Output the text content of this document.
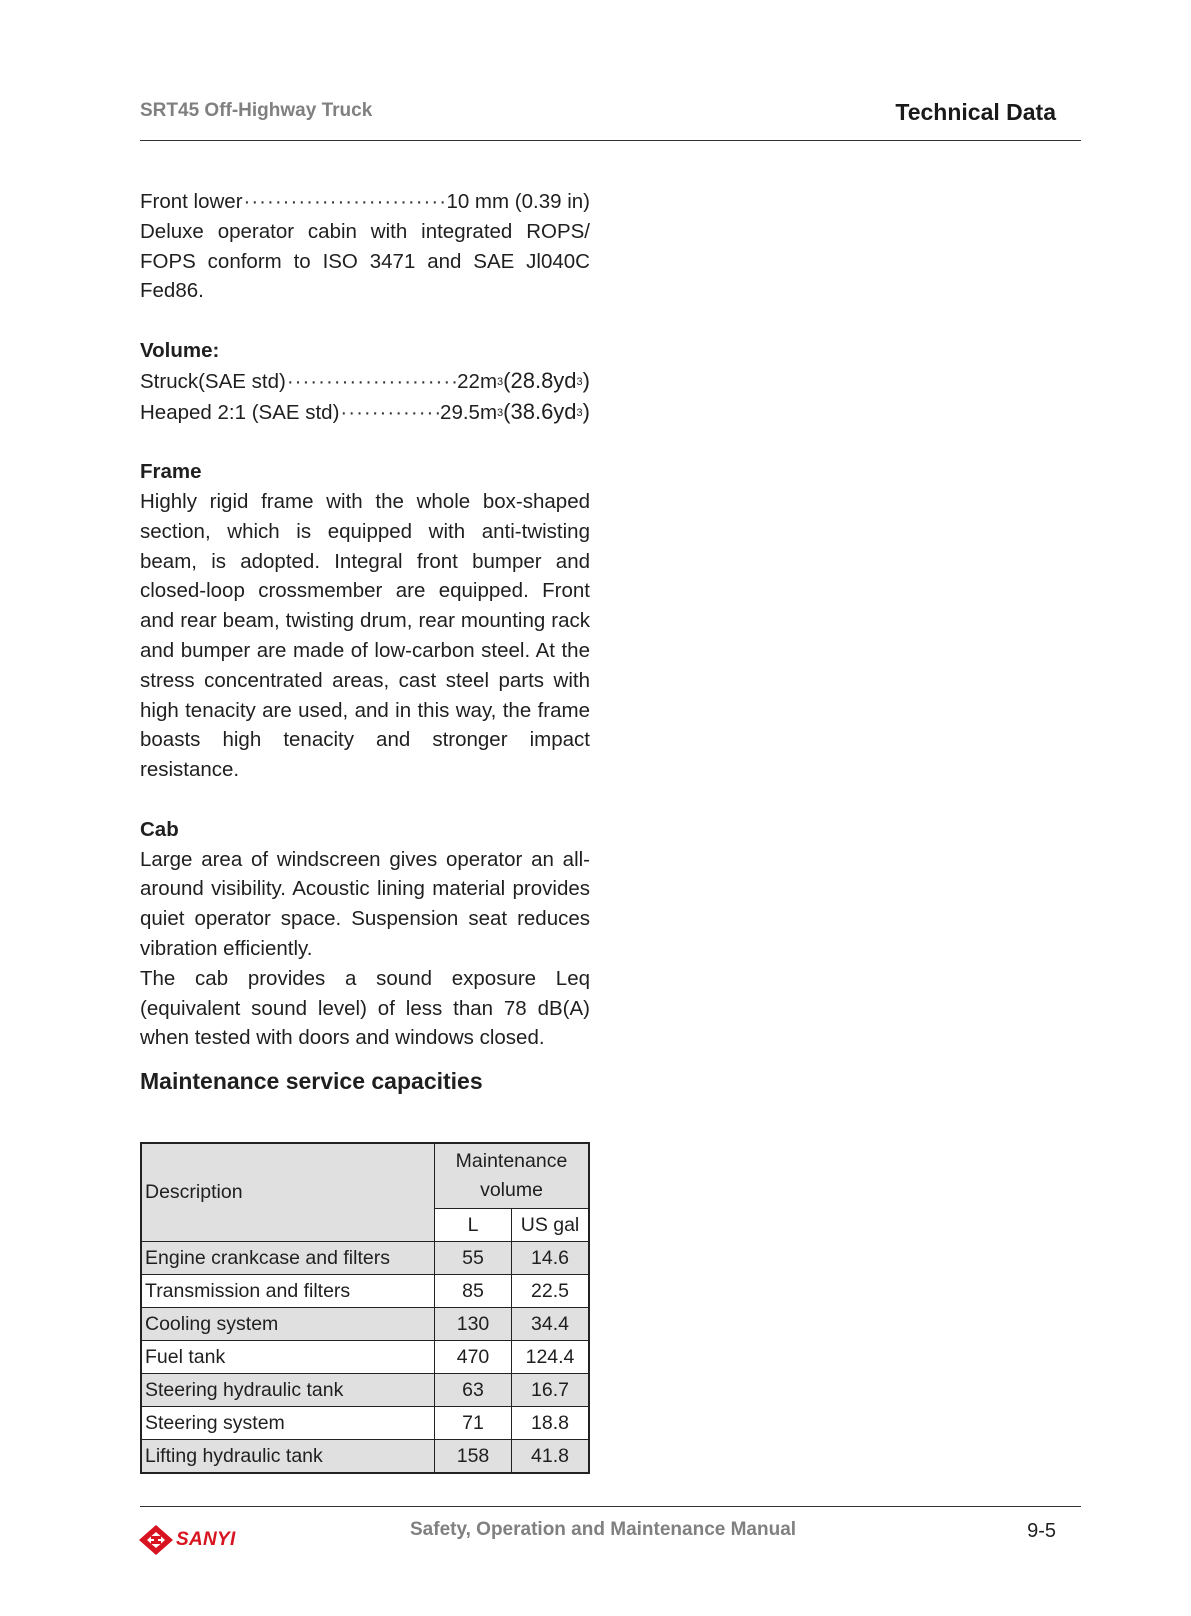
SRT45 Off-Highway Truck	Technical Data

Front lower ·····	10 mm (0.39 in)

Deluxe operator cabin with integrated ROPS/ FOPS conform to ISO 3471 and SAE Jl040C Fed86.

Volume:

Struck(SAE std) ·····	$22m^3(28.8yd^3)$

Heaped 2:1 (SAE std) ·····	$29.5m^3(38.6yd^3)$

Frame

Highly rigid frame with the whole box-shaped section, which is equipped with anti-twisting beam, is adopted. Integral front bumper and closed-loop crossmember are equipped. Front and rear beam, twisting drum, rear mounting rack and bumper are made of low-carbon steel. At the stress concentrated areas, cast steel parts with high tenacity are used, and in this way, the frame boasts high tenacity and stronger impact resistance.

Cab

Large area of windscreen gives operator an all-around visibility. Acoustic lining material provides quiet operator space. Suspension seat reduces vibration efficiently.

The cab provides a sound exposure Leq (equivalent sound level) of less than 78 dB(A) when tested with doors and windows closed.

Maintenance service capacities

Description	Maintenance volume	
	L	US gal
Engine crankcase and filters	55	14.6
Transmission and filters	85	22.5
Cooling system	130	34.4
Fuel tank	470	124.4
Steering hydraulic tank	63	16.7
Steering system	71	18.8
Lifting hydraulic tank	158	41.8
SANYI	Safety, Operation and Maintenance Manual	9-5
